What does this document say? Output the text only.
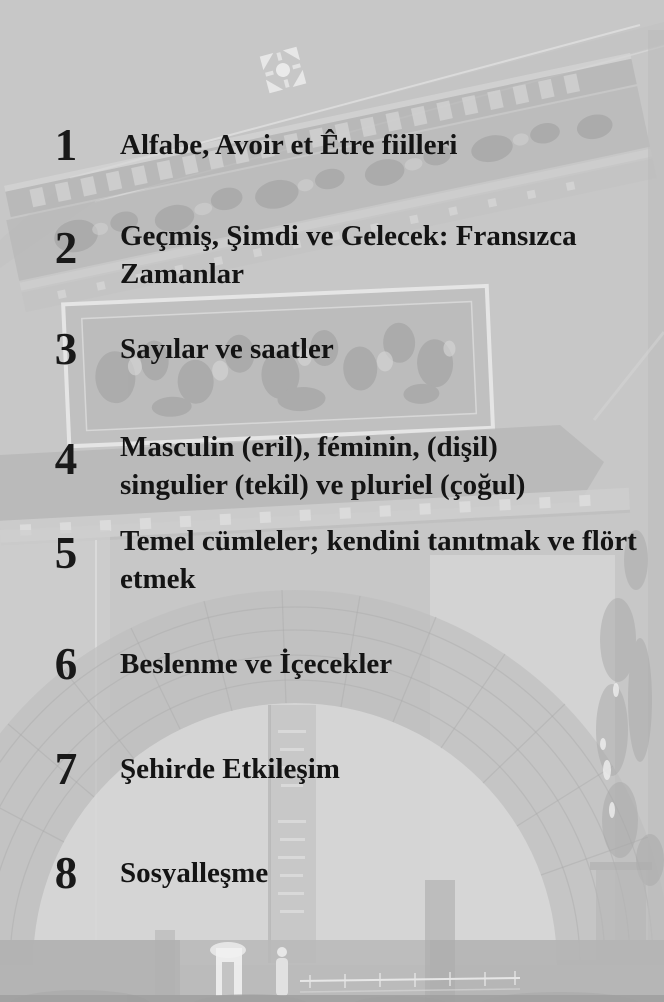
1	Alfabe, Avoir et Être fiilleri
2	Geçmiş, Şimdi ve Gelecek: Fransızca
Zamanlar
3	Sayılar ve saatler
4	Masculin (eril), féminin, (dişil)
singulier (tekil) ve pluriel (çoğul)
5	Temel cümleler; kendini tanıtmak ve flört
etmek
6	Beslenme ve İçecekler
7	Şehirde Etkileşim
8	Sosyalleşme
